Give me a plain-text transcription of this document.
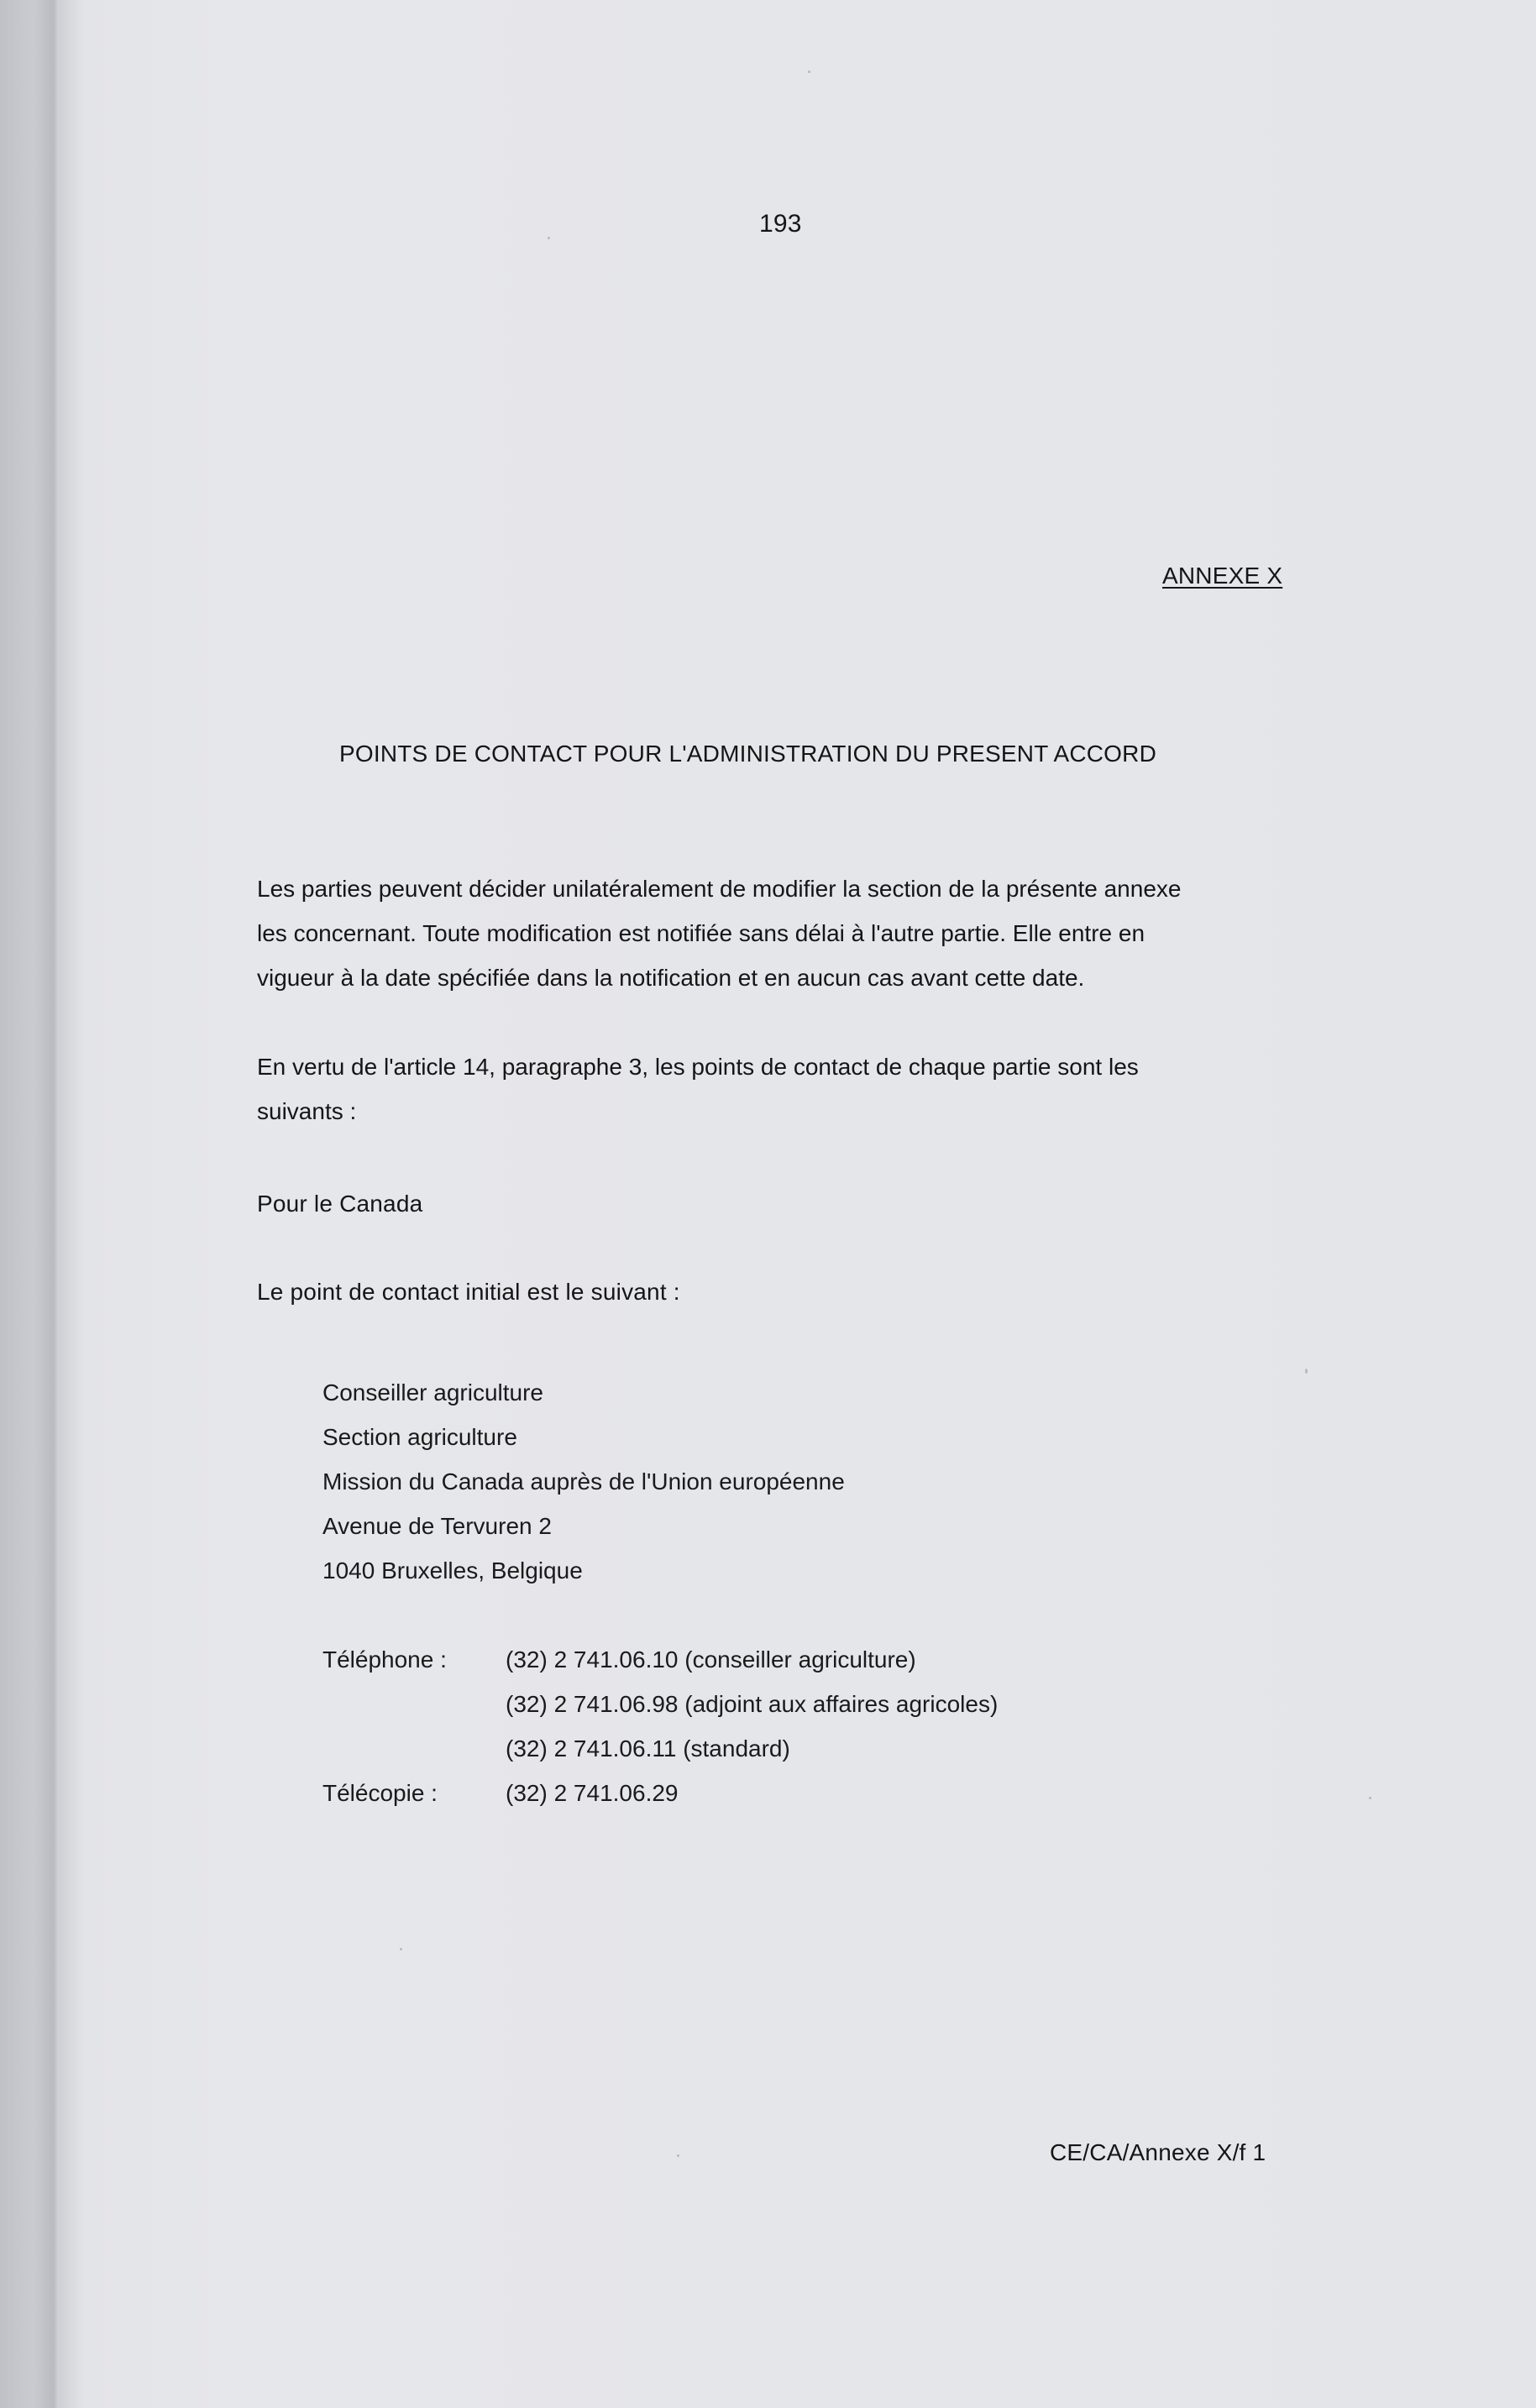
193
ANNEXE X
POINTS DE CONTACT POUR L'ADMINISTRATION DU PRESENT ACCORD

Les parties peuvent décider unilatéralement de modifier la section de la présente annexe

les concernant. Toute modification est notifiée sans délai à l'autre partie. Elle entre en

vigueur à la date spécifiée dans la notification et en aucun cas avant cette date.

En vertu de l'article 14, paragraphe 3, les points de contact de chaque partie sont les

suivants :

Pour le Canada
Le point de contact initial est le suivant :
Conseiller agriculture
Section agriculture
Mission du Canada auprès de l'Union européenne
Avenue de Tervuren 2
1040 Bruxelles, Belgique
Téléphone :	(32) 2 741.06.10 (conseiller agriculture)
(32) 2 741.06.98 (adjoint aux affaires agricoles)
(32) 2 741.06.11 (standard)
Télécopie :	(32) 2 741.06.29
CE/CA/Annexe X/f 1
